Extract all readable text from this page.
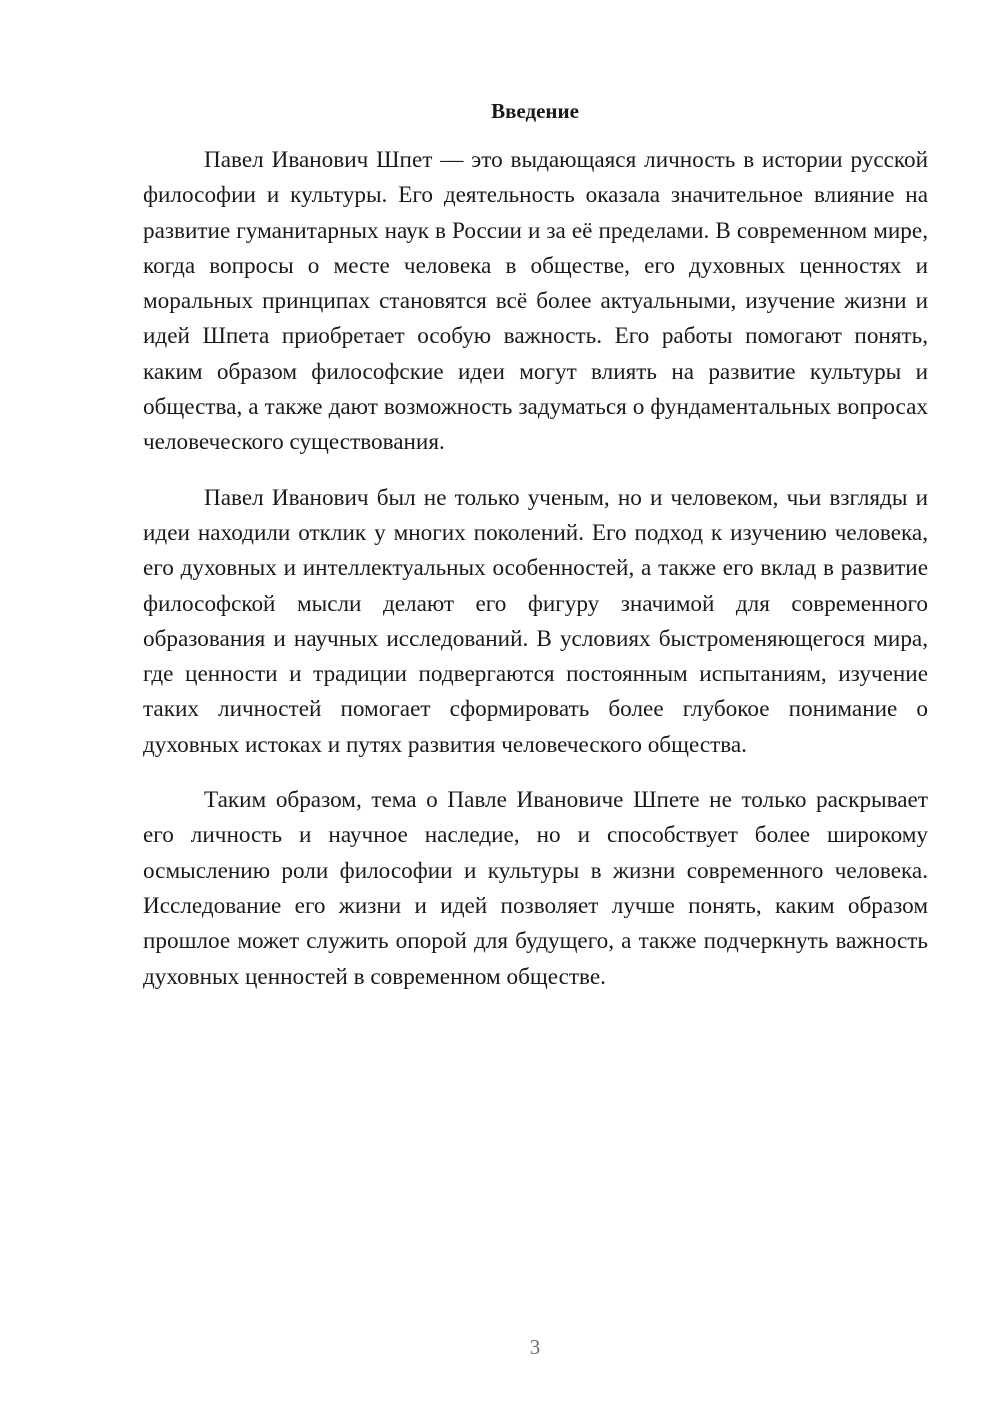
Введение

Павел Иванович Шпет — это выдающаяся личность в истории русской философии и культуры. Его деятельность оказала значительное влияние на развитие гуманитарных наук в России и за её пределами. В современном мире, когда вопросы о месте человека в обществе, его духовных ценностях и моральных принципах становятся всё более актуальными, изучение жизни и идей Шпета приобретает особую важность. Его работы помогают понять, каким образом философские идеи могут влиять на развитие культуры и общества, а также дают возможность задуматься о фундаментальных вопросах человеческого существования.

Павел Иванович был не только ученым, но и человеком, чьи взгляды и идеи находили отклик у многих поколений. Его подход к изучению человека, его духовных и интеллектуальных особенностей, а также его вклад в развитие философской мысли делают его фигуру значимой для современного образования и научных исследований. В условиях быстроменяющегося мира, где ценности и традиции подвергаются постоянным испытаниям, изучение таких личностей помогает сформировать более глубокое понимание о духовных истоках и путях развития человеческого общества.

Таким образом, тема о Павле Ивановиче Шпете не только раскрывает его личность и научное наследие, но и способствует более широкому осмыслению роли философии и культуры в жизни современного человека. Исследование его жизни и идей позволяет лучше понять, каким образом прошлое может служить опорой для будущего, а также подчеркнуть важность духовных ценностей в современном обществе.

3
